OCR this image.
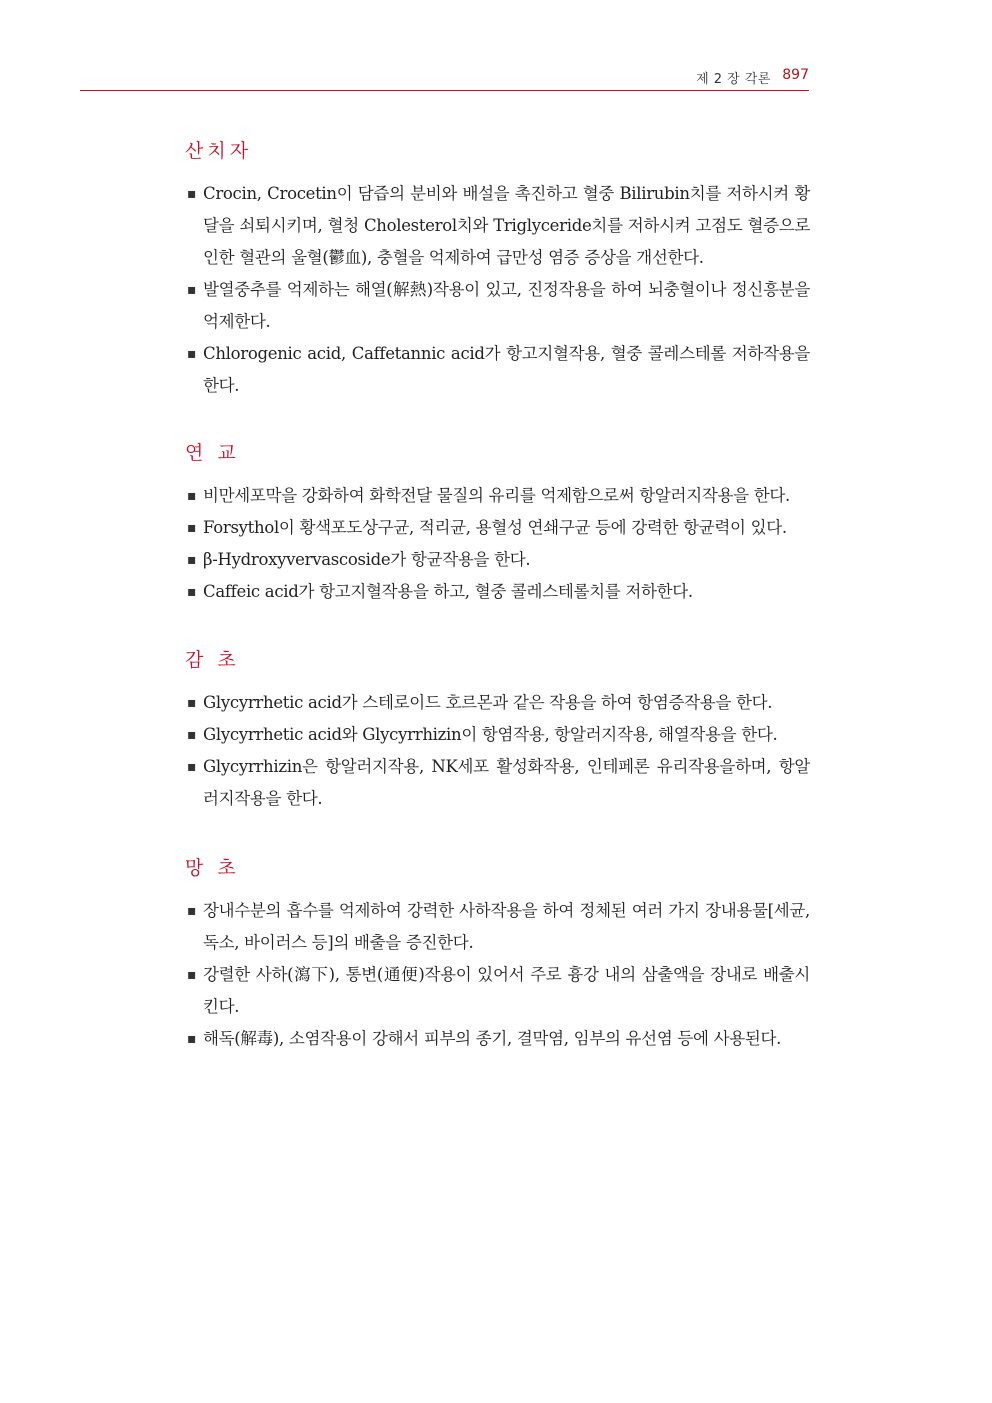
제 2 장 각론 897
산치자
▪ Crocin, Crocetin이 담즙의 분비와 배설을 촉진하고 혈중 Bilirubin치를 저하시켜 황달을 쇠퇴시키며, 혈청 Cholesterol치와 Triglyceride치를 저하시켜 고점도 혈증으로 인한 혈관의 울혈(鬱血), 충혈을 억제하여 급만성 염증 증상을 개선한다.
▪ 발열중추를 억제하는 해열(解熱)작용이 있고, 진정작용을 하여 뇌충혈이나 정신흥분을 억제한다.
▪ Chlorogenic acid, Caffetannic acid가 항고지혈작용, 혈중 콜레스테롤 저하작용을 한다.
연 교
▪ 비만세포막을 강화하여 화학전달 물질의 유리를 억제함으로써 항알러지작용을 한다.
▪ Forsythol이 황색포도상구균, 적리균, 용혈성 연쇄구균 등에 강력한 항균력이 있다.
▪ β-Hydroxyvervascoside가 항균작용을 한다.
▪ Caffeic acid가 항고지혈작용을 하고, 혈중 콜레스테롤치를 저하한다.
감 초
▪ Glycyrrhetic acid가 스테로이드 호르몬과 같은 작용을 하여 항염증작용을 한다.
▪ Glycyrrhetic acid와 Glycyrrhizin이 항염작용, 항알러지작용, 해열작용을 한다.
▪ Glycyrrhizin은 항알러지작용, NK세포 활성화작용, 인테페론 유리작용을하며, 항알러지작용을 한다.
망 초
▪ 장내수분의 흡수를 억제하여 강력한 사하작용을 하여 정체된 여러 가지 장내용물[세균, 독소, 바이러스 등]의 배출을 증진한다.
▪ 강렬한 사하(瀉下), 통변(通便)작용이 있어서 주로 흉강 내의 삼출액을 장내로 배출시킨다.
▪ 해독(解毒), 소염작용이 강해서 피부의 종기, 결막염, 임부의 유선염 등에 사용된다.
